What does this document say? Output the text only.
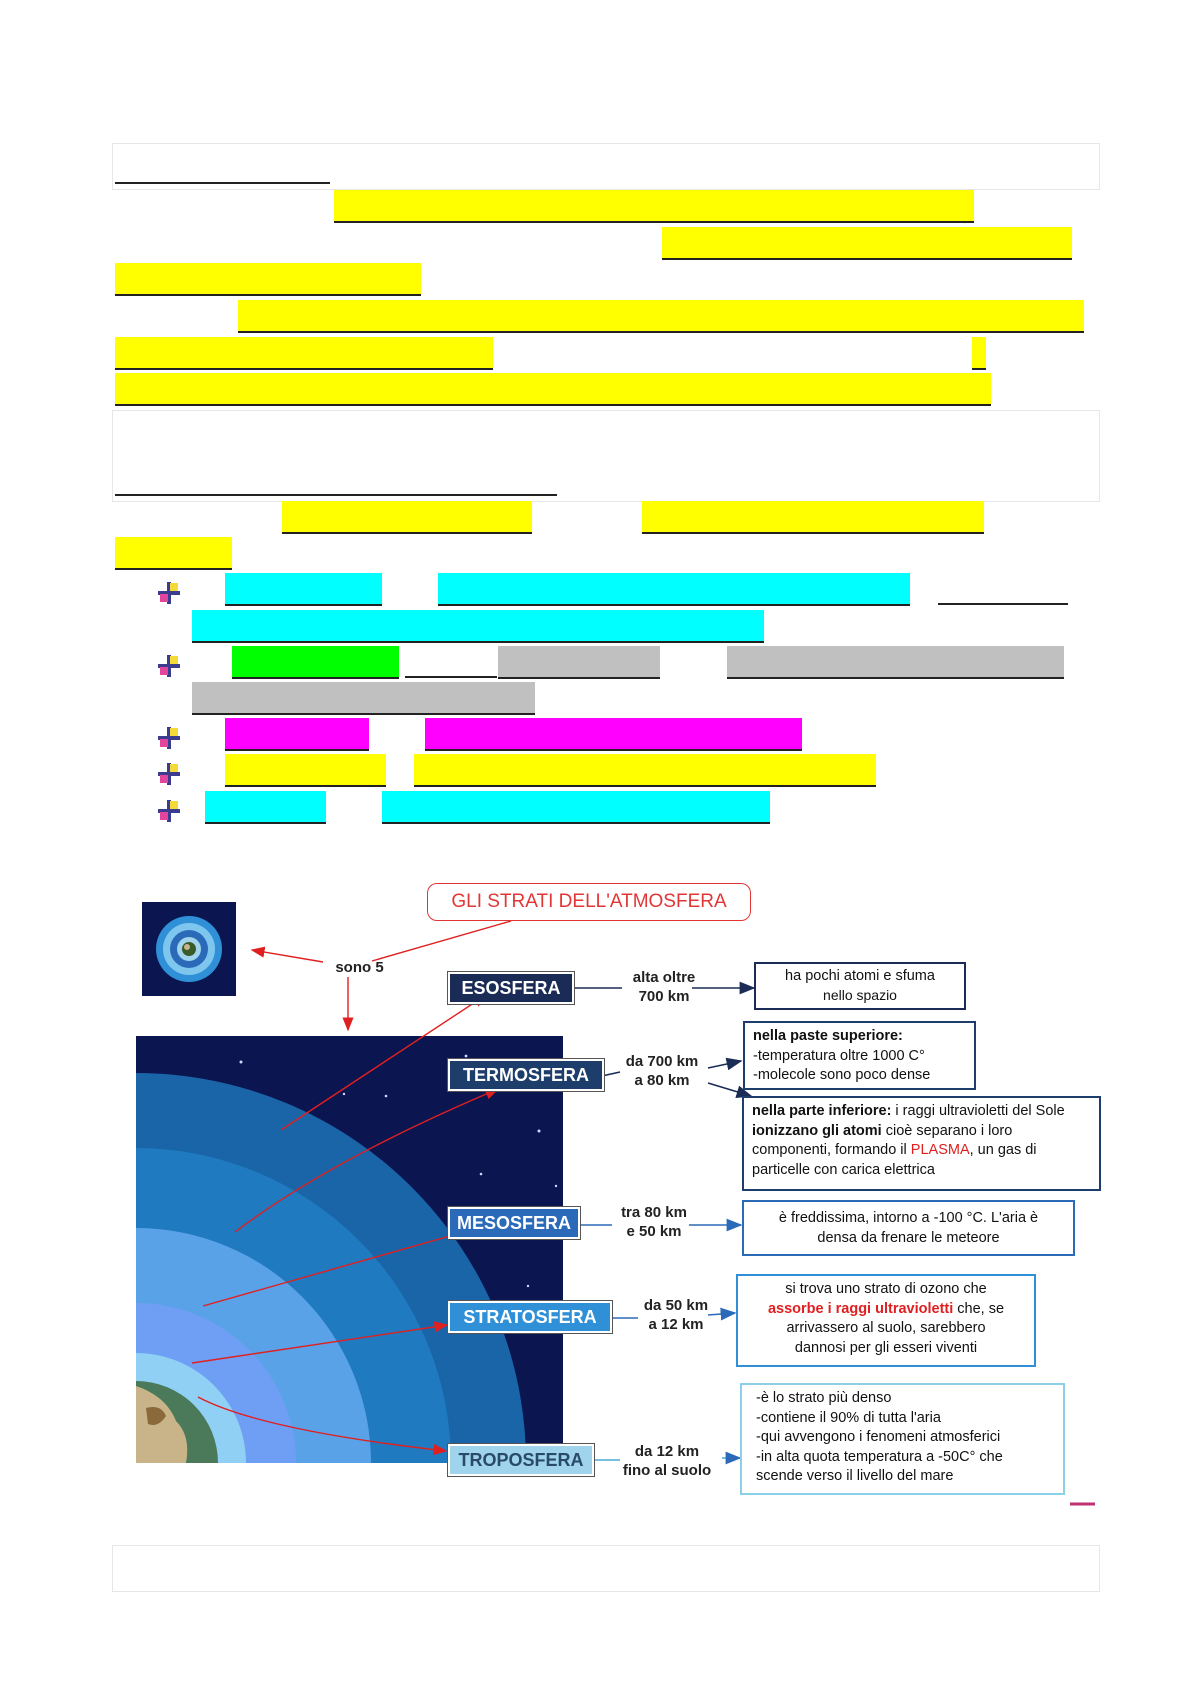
GLI STRATI DELL'ATMOSFERA
sono 5
ESOSFERA
TERMOSFERA
MESOSFERA
STRATOSFERA
TROPOSFERA
alta oltre
700 km
da 700 km
a 80 km
tra 80 km
e 50 km
da 50 km
a 12 km
da 12 km
fino al suolo
ha pochi atomi e sfuma
nello spazio
nella paste superiore:
-temperatura oltre 1000 C°
-molecole sono poco dense
nella parte inferiore: i raggi ultravioletti del Sole ionizzano gli atomi cioè separano i loro componenti, formando il PLASMA, un gas di particelle con carica elettrica
è freddissima, intorno a -100 °C. L'aria è
densa da frenare le meteore
si trova uno strato di ozono che
assorbe i raggi ultravioletti che, se
arrivassero al suolo, sarebbero
dannosi per gli esseri viventi
-è lo strato più denso
-contiene il 90% di tutta l'aria
-qui avvengono i fenomeni atmosferici
-in alta quota temperatura a -50C° che
scende verso il livello del mare
